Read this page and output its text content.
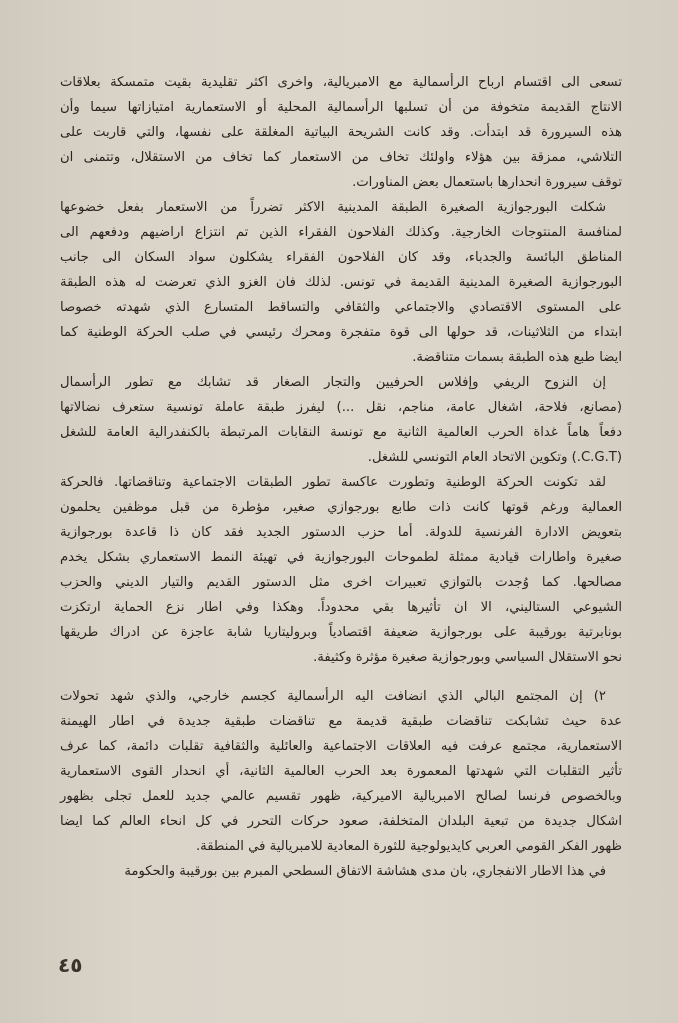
تسعى الى اقتسام ارباح الرأسمالية مع الامبريالية، واخرى اكثر تقليدية بقيت متمسكة بعلاقات
الانتاج القديمة متخوفة من أن تسلبها الرأسمالية المحلية أو الاستعمارية امتيازاتها سيما وأن
هذه السيرورة قد ابتدأت. وقد كانت الشريحة البياتية المغلقة على نفسها، والتي قاربت على
التلاشي، ممزقة بين هؤلاء واولئك تخاف من الاستعمار كما تخاف من الاستقلال، وتتمنى ان
توقف سيرورة انحدارها باستعمال بعض المناورات.
شكلت البورجوازية الصغيرة الطبقة المدينية الاكثر تضرراً من الاستعمار بفعل خضوعها
لمنافسة المنتوجات الخارجية. وكذلك الفلاحون الفقراء الذين تم انتزاع اراضيهم ودفعهم الى
المناطق البائسة والجدباء، وقد كان الفلاحون الفقراء يشكلون سواد السكان الى جانب
البورجوازية الصغيرة المدينية القديمة في تونس. لذلك فان الغزو الذي تعرضت له هذه الطبقة
على المستوى الاقتصادي والاجتماعي والثقافي والتساقط المتسارع الذي شهدته خصوصا
ابتداء من الثلاثينات، قد حولها الى قوة متفجرة ومحرك رئيسي في صلب الحركة الوطنية كما
ايضا طبع هذه الطبقة بسمات متناقضة.
إن النزوح الريفي وإفلاس الحرفيين والتجار الصغار قد تشابك مع تطور الرأسمال
(مصانع، فلاحة، اشغال عامة، مناجم، نقل ...) ليفرز طبقة عاملة تونسية ستعرف نضالاتها
دفعاً هاماً غداة الحرب العالمية الثانية مع تونسة النقابات المرتبطة بالكنفدرالية العامة للشغل
(C.G.T.) وتكوين الاتحاد العام التونسي للشغل.
لقد تكونت الحركة الوطنية وتطورت عاكسة تطور الطبقات الاجتماعية وتناقضاتها. فالحركة
العمالية ورغم قوتها كانت ذات طابع بورجوازي صغير، مؤطرة من قبل موظفين يحلمون
بتعويض الادارة الفرنسية للدولة. أما حزب الدستور الجديد فقد كان ذا قاعدة بورجوازية
صغيرة واطارات قيادية ممثلة لطموحات البورجوازية في تهيئة النمط الاستعماري بشكل يخدم
مصالحها. كما وُجدت بالتوازي تعبيرات اخرى مثل الدستور القديم والتيار الديني والحزب
الشيوعي الستاليني، الا ان تأثيرها بقي محدوداً. وهكذا وفي اطار نزع الحماية ارتكزت
بونابرتية بورقيبة على بورجوازية ضعيفة اقتصادياً وبروليتاريا شابة عاجزة عن ادراك طريقها
نحو الاستقلال السياسي وبورجوازية صغيرة مؤثرة وكثيفة.
٢) إن المجتمع البالي الذي انضافت اليه الرأسمالية كجسم خارجي، والذي شهد تحولات
عدة حيث تشابكت تناقضات طبقية قديمة مع تناقضات طبقية جديدة في اطار الهيمنة
الاستعمارية، مجتمع عرفت فيه العلاقات الاجتماعية والعائلية والثقافية تقلبات دائمة، كما عرف
تأثير التقلبات التي شهدتها المعمورة بعد الحرب العالمية الثانية، أي انحدار القوى الاستعمارية
وبالخصوص فرنسا لصالح الامبريالية الاميركية، ظهور تقسيم عالمي جديد للعمل تجلى بظهور
اشكال جديدة من تبعية البلدان المتخلفة، صعود حركات التحرر في كل انحاء العالم كما ايضا
ظهور الفكر القومي العربي كايديولوجية للثورة المعادية للامبريالية في المنطقة.
في هذا الاطار الانفجاري، بان مدى هشاشة الاتفاق السطحي المبرم بين بورقيبة والحكومة
٤٥
